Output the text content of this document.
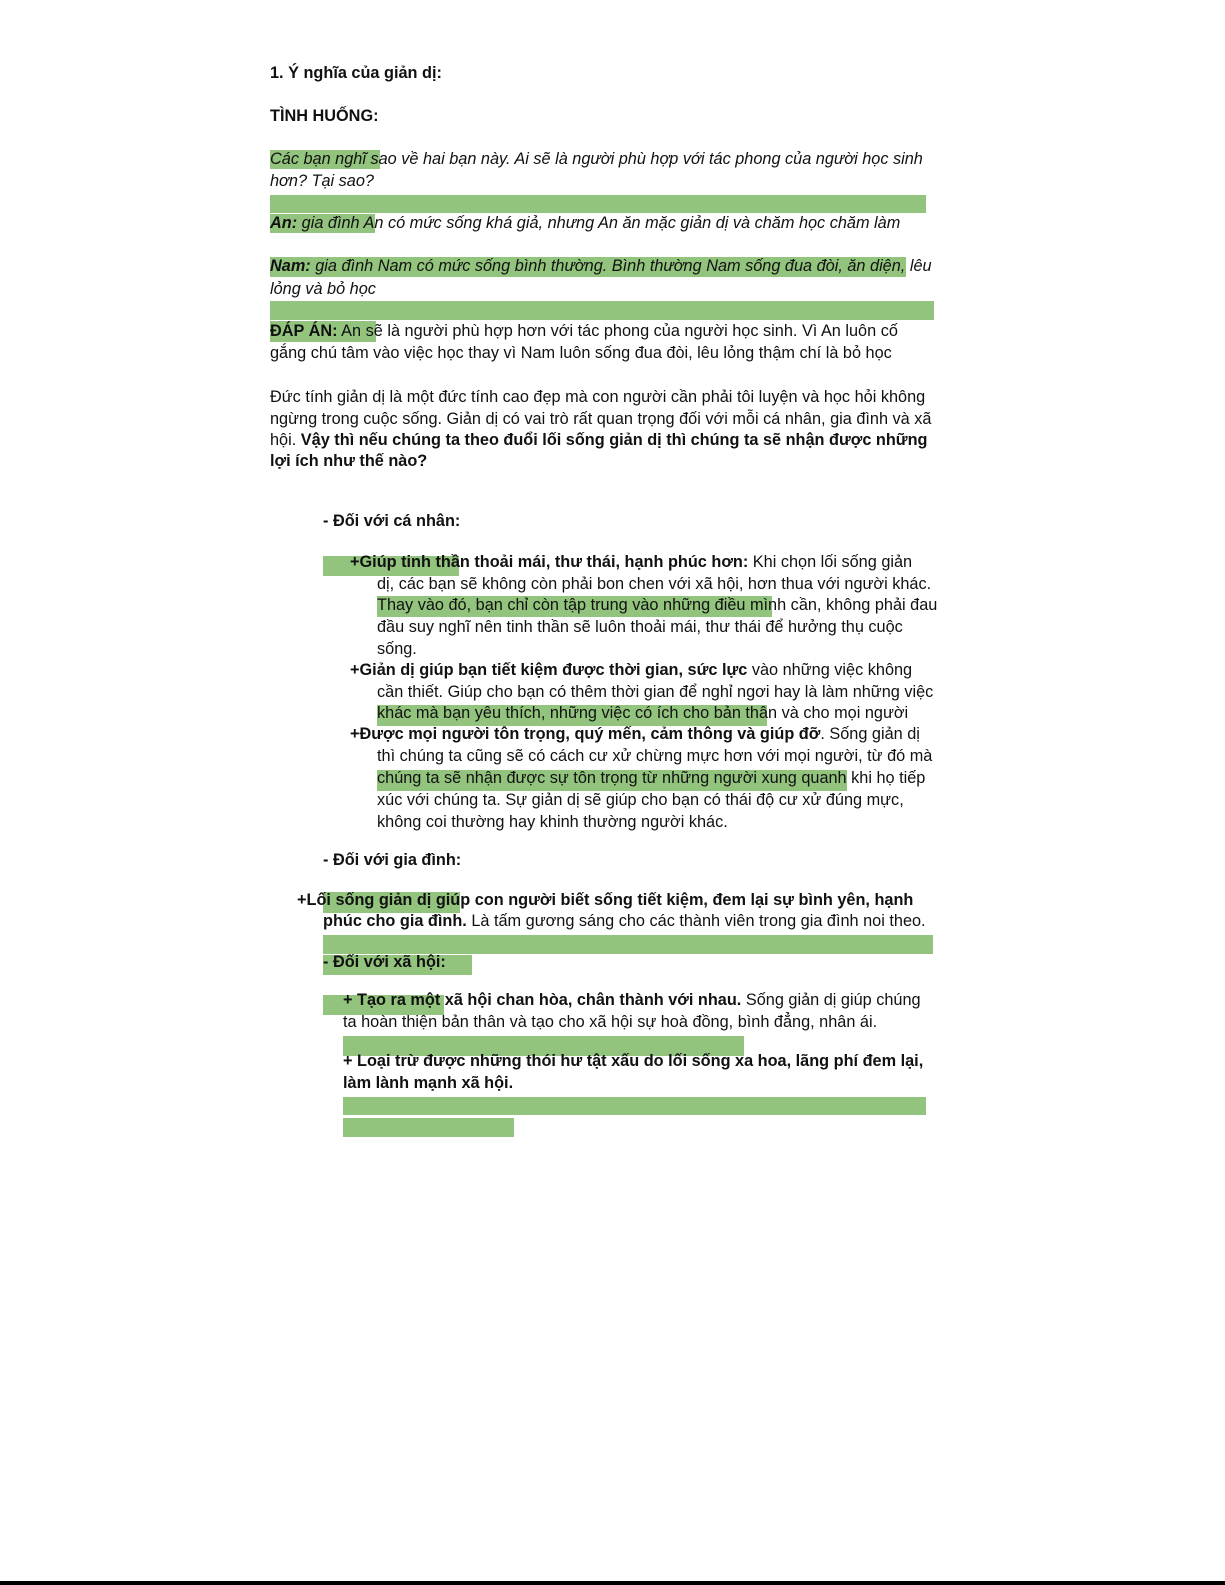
1. Ý nghĩa của giản dị:

TÌNH HUỐNG:

Các bạn nghĩ sao về hai bạn này. Ai sẽ là người phù hợp với tác phong của người học sinh

hơn? Tại sao?

An: gia đình An có mức sống khá giả, nhưng An ăn mặc giản dị và chăm học chăm làm

Nam: gia đình Nam có mức sống bình thường. Bình thường Nam sống đua đòi, ăn diện, lêu

lỏng và bỏ học

ĐÁP ÁN: An sẽ là người phù hợp hơn với tác phong của người học sinh. Vì An luôn cố

gắng chú tâm vào việc học thay vì Nam luôn sống đua đòi, lêu lỏng thậm chí là bỏ học

Đức tính giản dị là một đức tính cao đẹp mà con người cần phải tôi luyện và học hỏi không

ngừng trong cuộc sống. Giản dị có vai trò rất quan trọng đối với mỗi cá nhân, gia đình và xã

hội. Vậy thì nếu chúng ta theo đuổi lối sống giản dị thì chúng ta sẽ nhận được những

lợi ích như thế nào?

- Đối với cá nhân:

+Giúp tinh thần thoải mái, thư thái, hạnh phúc hơn: Khi chọn lối sống giản

dị, các bạn sẽ không còn phải bon chen với xã hội, hơn thua với người khác.

Thay vào đó, bạn chỉ còn tập trung vào những điều mình cần, không phải đau

đầu suy nghĩ nên tinh thần sẽ luôn thoải mái, thư thái để hưởng thụ cuộc

sống.

+Giản dị giúp bạn tiết kiệm được thời gian, sức lực vào những việc không

cần thiết. Giúp cho bạn có thêm thời gian để nghỉ ngơi hay là làm những việc

khác mà bạn yêu thích, những việc có ích cho bản thân và cho mọi người

+Được mọi người tôn trọng, quý mến, cảm thông và giúp đỡ. Sống giản dị

thì chúng ta cũng sẽ có cách cư xử chừng mực hơn với mọi người, từ đó mà

chúng ta sẽ nhận được sự tôn trọng từ những người xung quanh khi họ tiếp

xúc với chúng ta. Sự giản dị sẽ giúp cho bạn có thái độ cư xử đúng mực,

không coi thường hay khinh thường người khác.

- Đối với gia đình:

+Lối sống giản dị giúp con người biết sống tiết kiệm, đem lại sự bình yên, hạnh

phúc cho gia đình. Là tấm gương sáng cho các thành viên trong gia đình noi theo.

- Đối với xã hội:

+ Tạo ra một xã hội chan hòa, chân thành với nhau. Sống giản dị giúp chúng

ta hoàn thiện bản thân và tạo cho xã hội sự hoà đồng, bình đẳng, nhân ái.

+ Loại trừ được những thói hư tật xấu do lối sống xa hoa, lãng phí đem lại,

làm lành mạnh xã hội.
